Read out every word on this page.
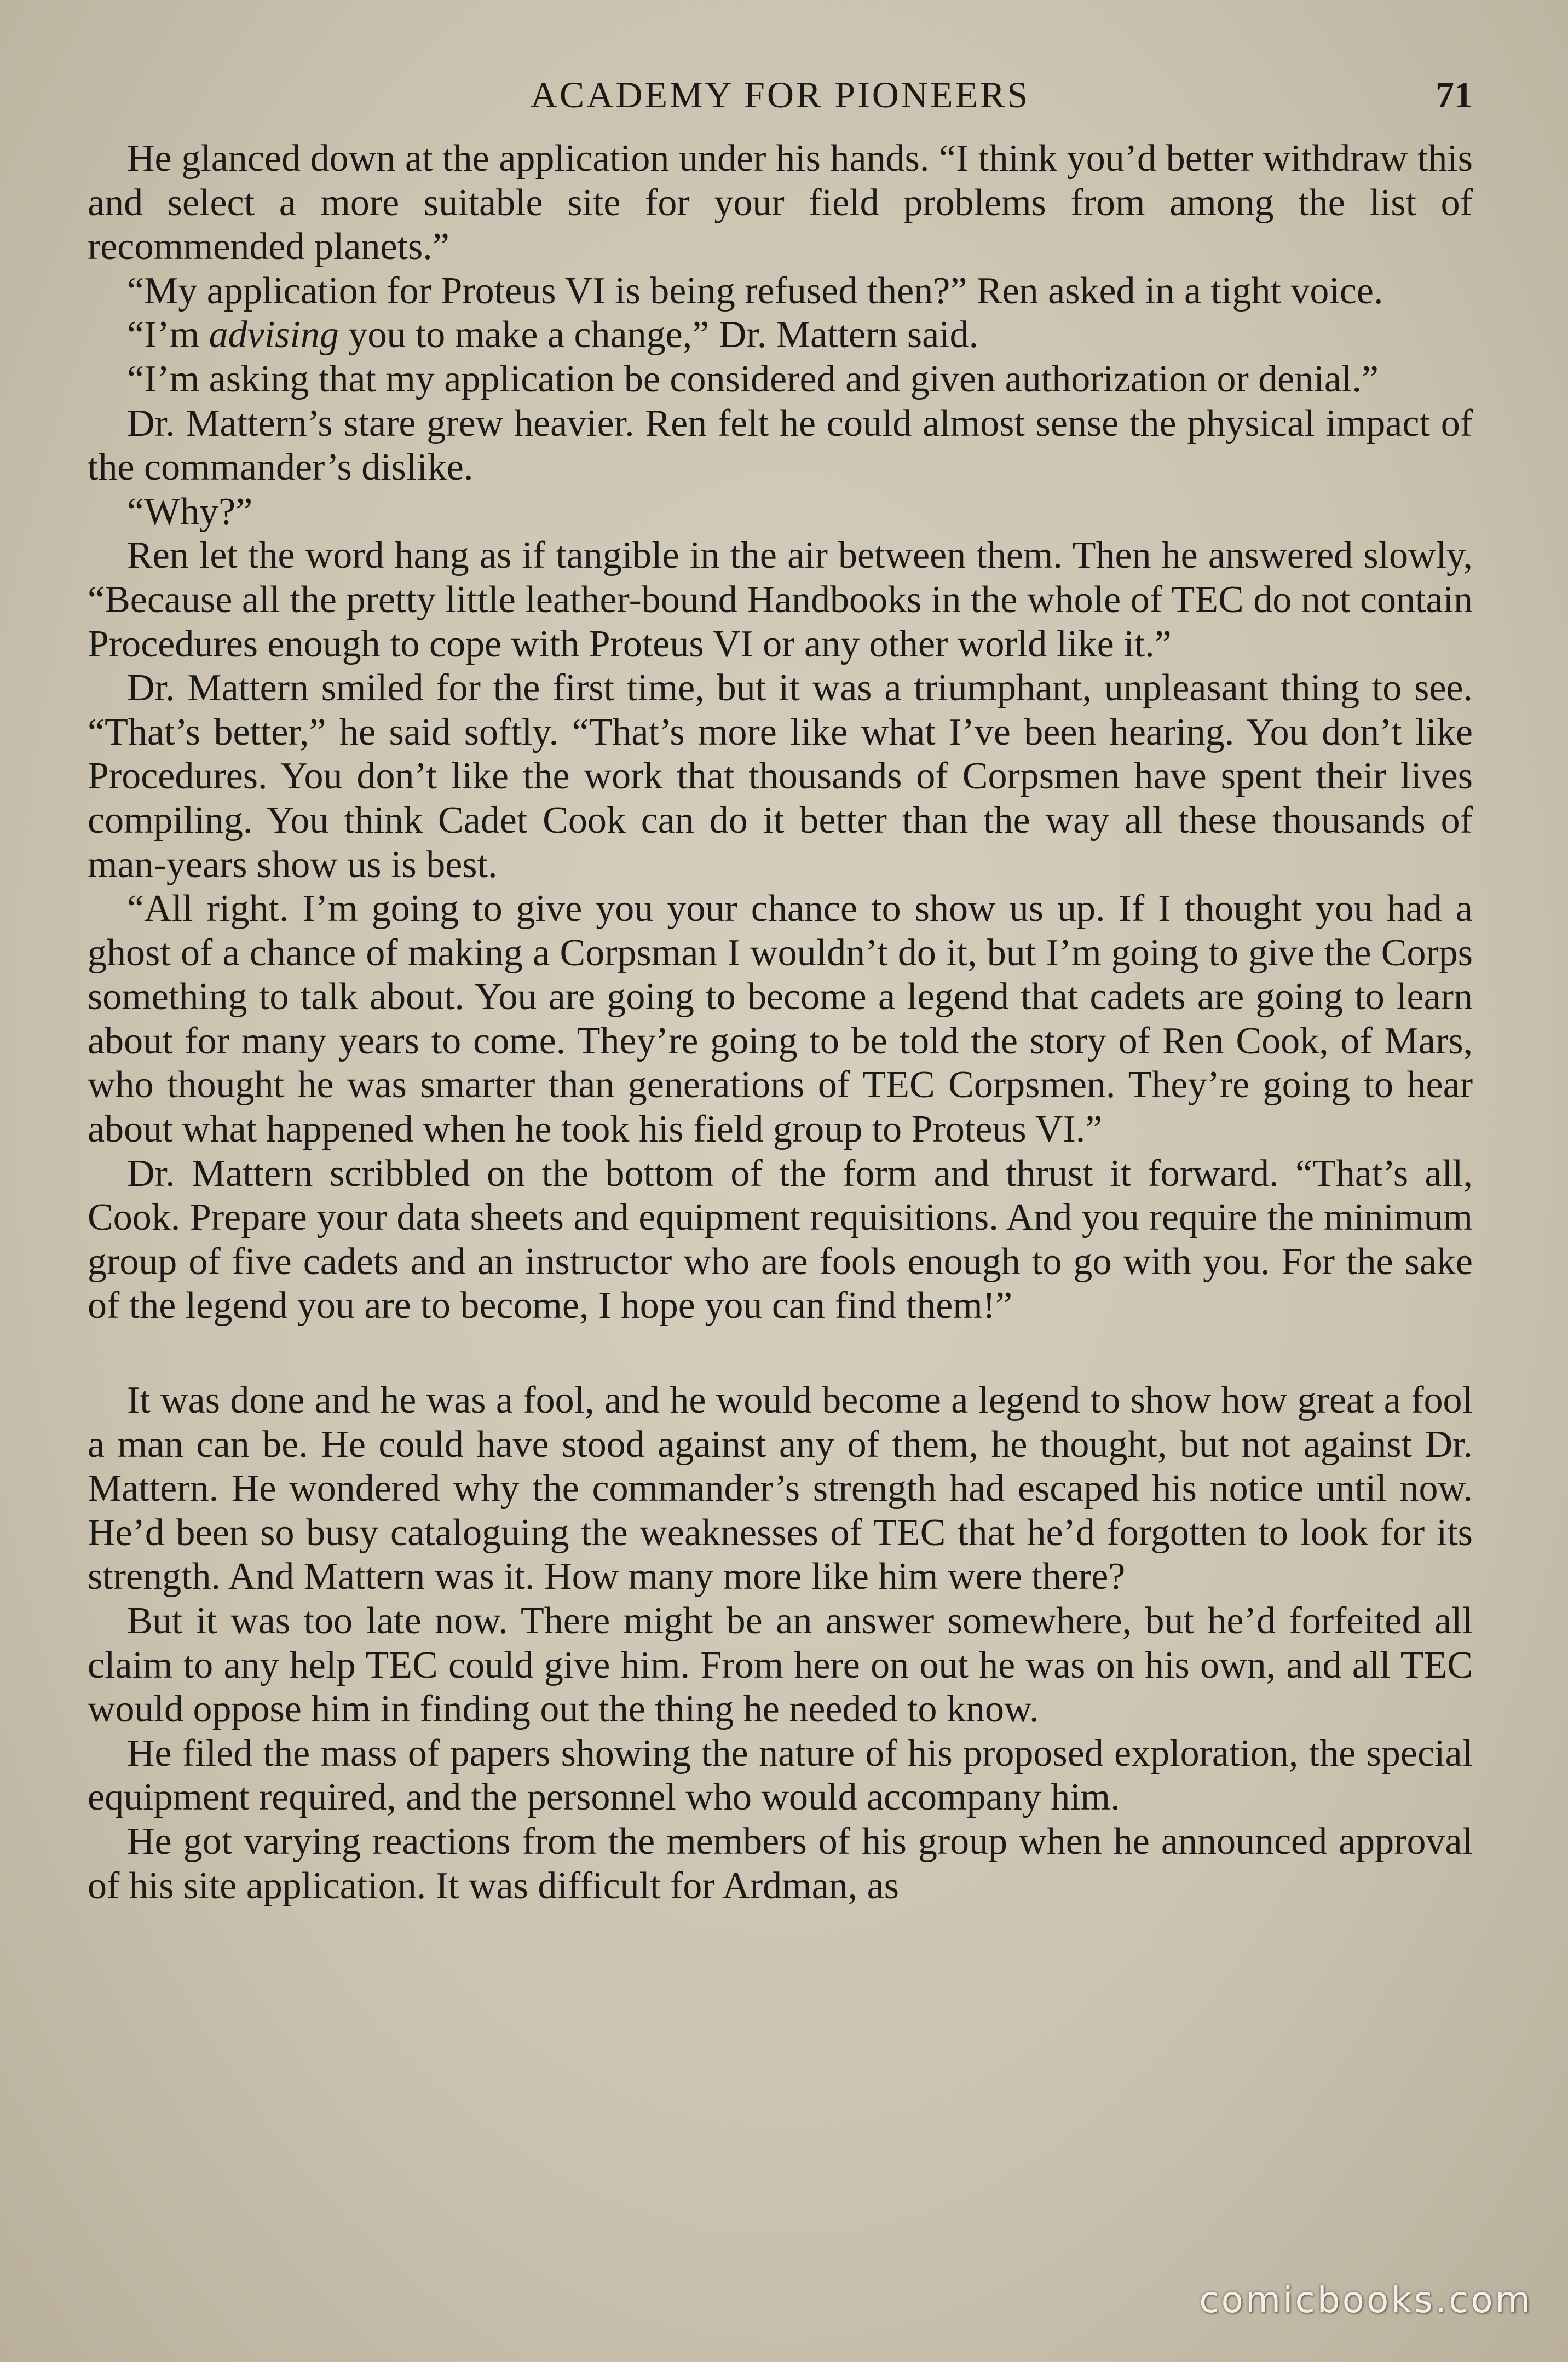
ACADEMY FOR PIONEERS	71

He glanced down at the application under his hands. “I think you’d better withdraw this and select a more suitable site for your field problems from among the list of recommended planets.”

“My application for Proteus VI is being refused then?” Ren asked in a tight voice.

“I’m advising you to make a change,” Dr. Mattern said.

“I’m asking that my application be considered and given authorization or denial.”

Dr. Mattern’s stare grew heavier. Ren felt he could almost sense the physical impact of the commander’s dislike.

“Why?”

Ren let the word hang as if tangible in the air between them. Then he answered slowly, “Because all the pretty little leather-bound Handbooks in the whole of TEC do not contain Procedures enough to cope with Proteus VI or any other world like it.”

Dr. Mattern smiled for the first time, but it was a triumphant, unpleasant thing to see. “That’s better,” he said softly. “That’s more like what I’ve been hearing. You don’t like Procedures. You don’t like the work that thousands of Corpsmen have spent their lives compiling. You think Cadet Cook can do it better than the way all these thousands of man-years show us is best.

“All right. I’m going to give you your chance to show us up. If I thought you had a ghost of a chance of making a Corpsman I wouldn’t do it, but I’m going to give the Corps something to talk about. You are going to become a legend that cadets are going to learn about for many years to come. They’re going to be told the story of Ren Cook, of Mars, who thought he was smarter than generations of TEC Corpsmen. They’re going to hear about what happened when he took his field group to Proteus VI.”

Dr. Mattern scribbled on the bottom of the form and thrust it forward. “That’s all, Cook. Prepare your data sheets and equipment requisitions. And you require the minimum group of five cadets and an instructor who are fools enough to go with you. For the sake of the legend you are to become, I hope you can find them!”

It was done and he was a fool, and he would become a legend to show how great a fool a man can be. He could have stood against any of them, he thought, but not against Dr. Mattern. He wondered why the commander’s strength had escaped his notice until now. He’d been so busy cataloguing the weaknesses of TEC that he’d forgotten to look for its strength. And Mattern was it. How many more like him were there?

But it was too late now. There might be an answer somewhere, but he’d forfeited all claim to any help TEC could give him. From here on out he was on his own, and all TEC would oppose him in finding out the thing he needed to know.

He filed the mass of papers showing the nature of his proposed exploration, the special equipment required, and the personnel who would accompany him.

He got varying reactions from the members of his group when he announced approval of his site application. It was difficult for Ardman, as

comicbooks.com
